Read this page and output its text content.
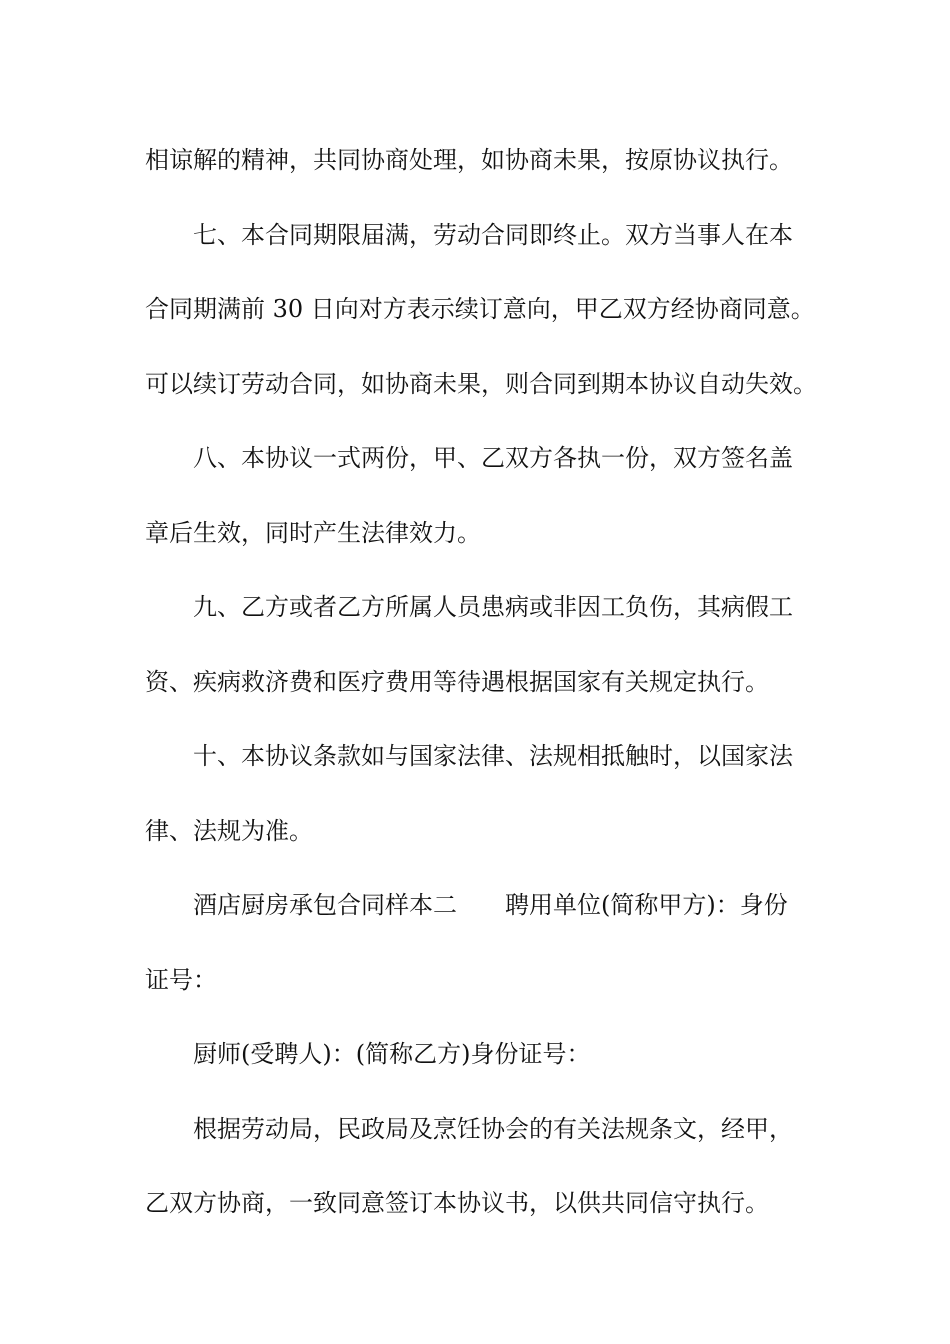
相谅解的精神，共同协商处理，如协商未果，按原协议执行。
七、本合同期限届满，劳动合同即终止。双方当事人在本
合同期满前 30 日向对方表示续订意向，甲乙双方经协商同意。
可以续订劳动合同，如协商未果，则合同到期本协议自动失效。
八、本协议一式两份，甲、乙双方各执一份，双方签名盖
章后生效，同时产生法律效力。
九、乙方或者乙方所属人员患病或非因工负伤，其病假工
资、疾病救济费和医疗费用等待遇根据国家有关规定执行。
十、本协议条款如与国家法律、法规相抵触时，以国家法
律、法规为准。
酒店厨房承包合同样本二 聘用单位(简称甲方)：身份
证号：
厨师(受聘人)：(简称乙方)身份证号：
根据劳动局，民政局及烹饪协会的有关法规条文，经甲，
乙双方协商，一致同意签订本协议书，以供共同信守执行。
